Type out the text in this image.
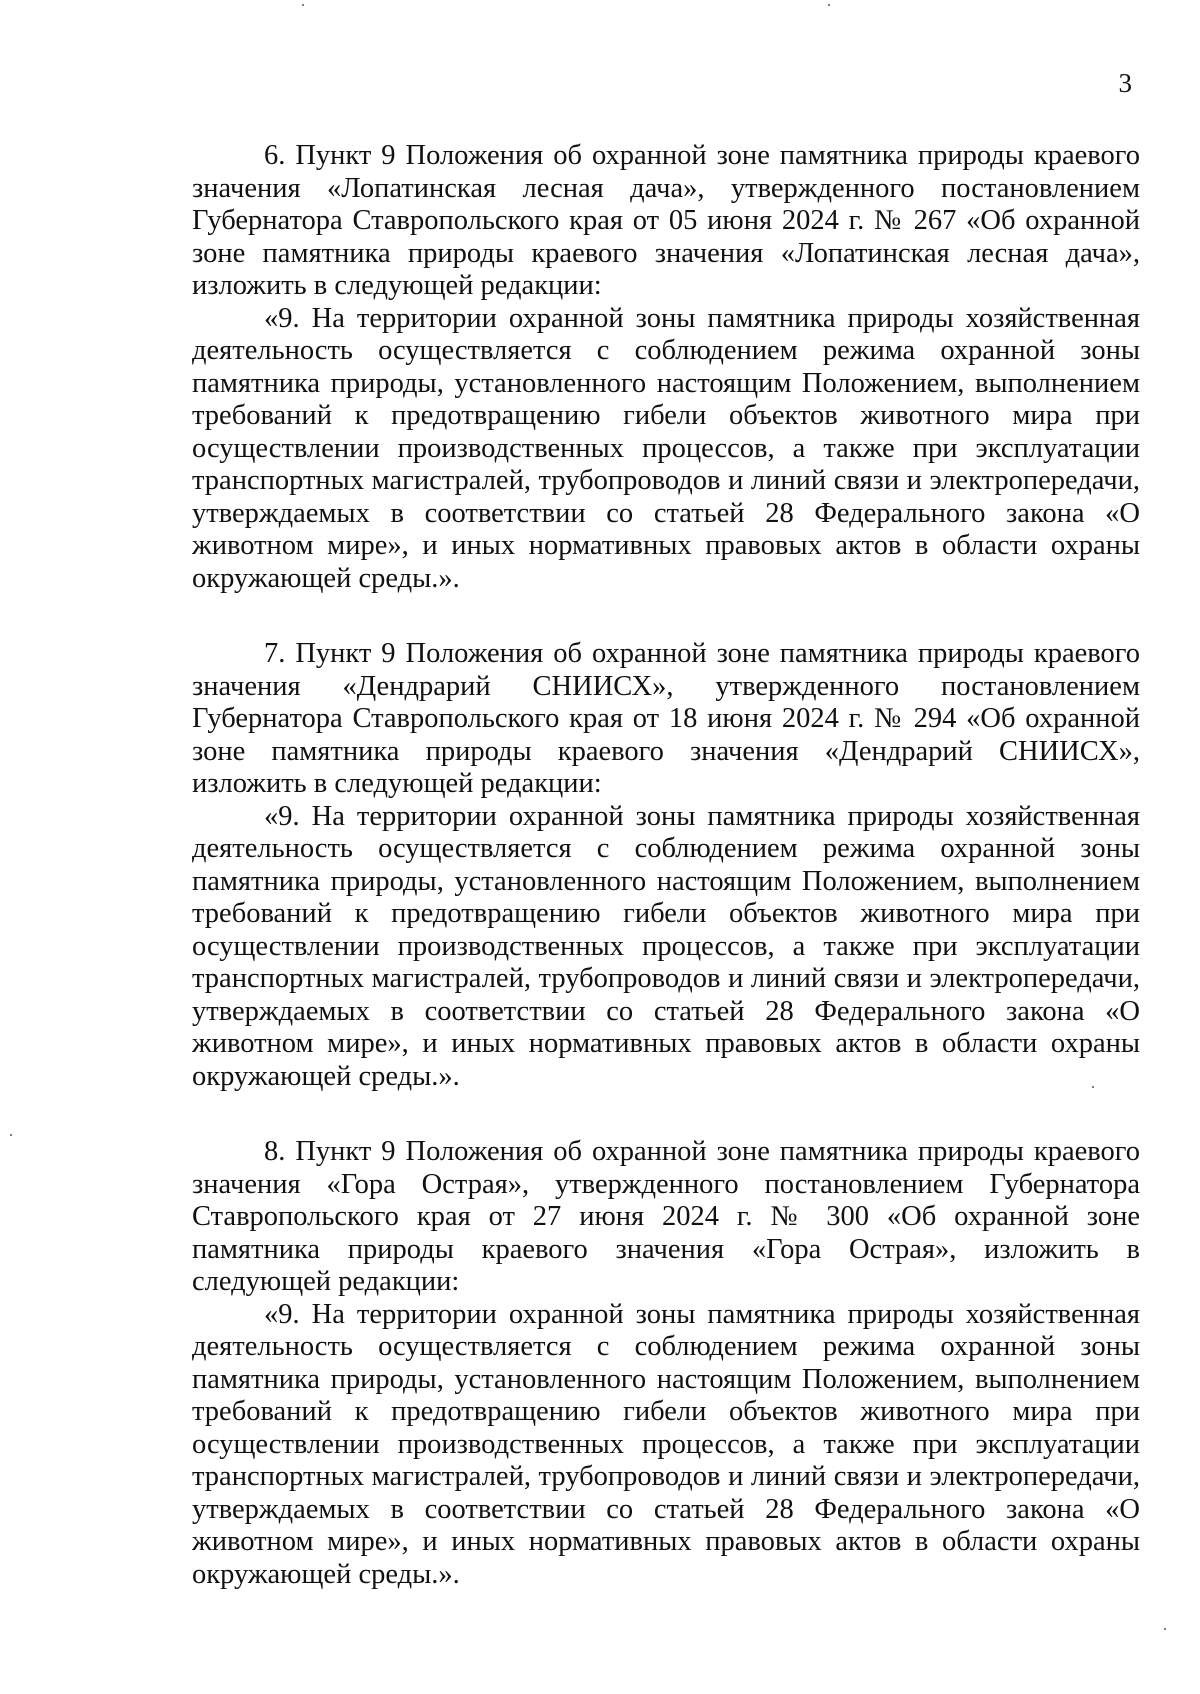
3

6. Пункт 9 Положения об охранной зоне памятника природы краевого значения «Лопатинская лесная дача», утвержденного постановлением Губернатора Ставропольского края от 05 июня 2024 г. № 267 «Об охранной зоне памятника природы краевого значения «Лопатинская лесная дача», изложить в следующей редакции:

«9. На территории охранной зоны памятника природы хозяйственная деятельность осуществляется с соблюдением режима охранной зоны памятника природы, установленного настоящим Положением, выполнением требований к предотвращению гибели объектов животного мира при осуществлении производственных процессов, а также при эксплуатации транспортных магистралей, трубопроводов и линий связи и электропередачи, утверждаемых в соответствии со статьей 28 Федерального закона «О животном мире», и иных нормативных правовых актов в области охраны окружающей среды.».

7. Пункт 9 Положения об охранной зоне памятника природы краевого значения «Дендрарий СНИИСХ», утвержденного постановлением Губернатора Ставропольского края от 18 июня 2024 г. № 294 «Об охранной зоне памятника природы краевого значения «Дендрарий СНИИСХ», изложить в следующей редакции:

«9. На территории охранной зоны памятника природы хозяйственная деятельность осуществляется с соблюдением режима охранной зоны памятника природы, установленного настоящим Положением, выполнением требований к предотвращению гибели объектов животного мира при осуществлении производственных процессов, а также при эксплуатации транспортных магистралей, трубопроводов и линий связи и электропередачи, утверждаемых в соответствии со статьей 28 Федерального закона «О животном мире», и иных нормативных правовых актов в области охраны окружающей среды.».

8. Пункт 9 Положения об охранной зоне памятника природы краевого значения «Гора Острая», утвержденного постановлением Губернатора Ставропольского края от 27 июня 2024 г. № 300 «Об охранной зоне памятника природы краевого значения «Гора Острая», изложить в следующей редакции:

«9. На территории охранной зоны памятника природы хозяйственная деятельность осуществляется с соблюдением режима охранной зоны памятника природы, установленного настоящим Положением, выполнением требований к предотвращению гибели объектов животного мира при осуществлении производственных процессов, а также при эксплуатации транспортных магистралей, трубопроводов и линий связи и электропередачи, утверждаемых в соответствии со статьей 28 Федерального закона «О животном мире», и иных нормативных правовых актов в области охраны окружающей среды.».
